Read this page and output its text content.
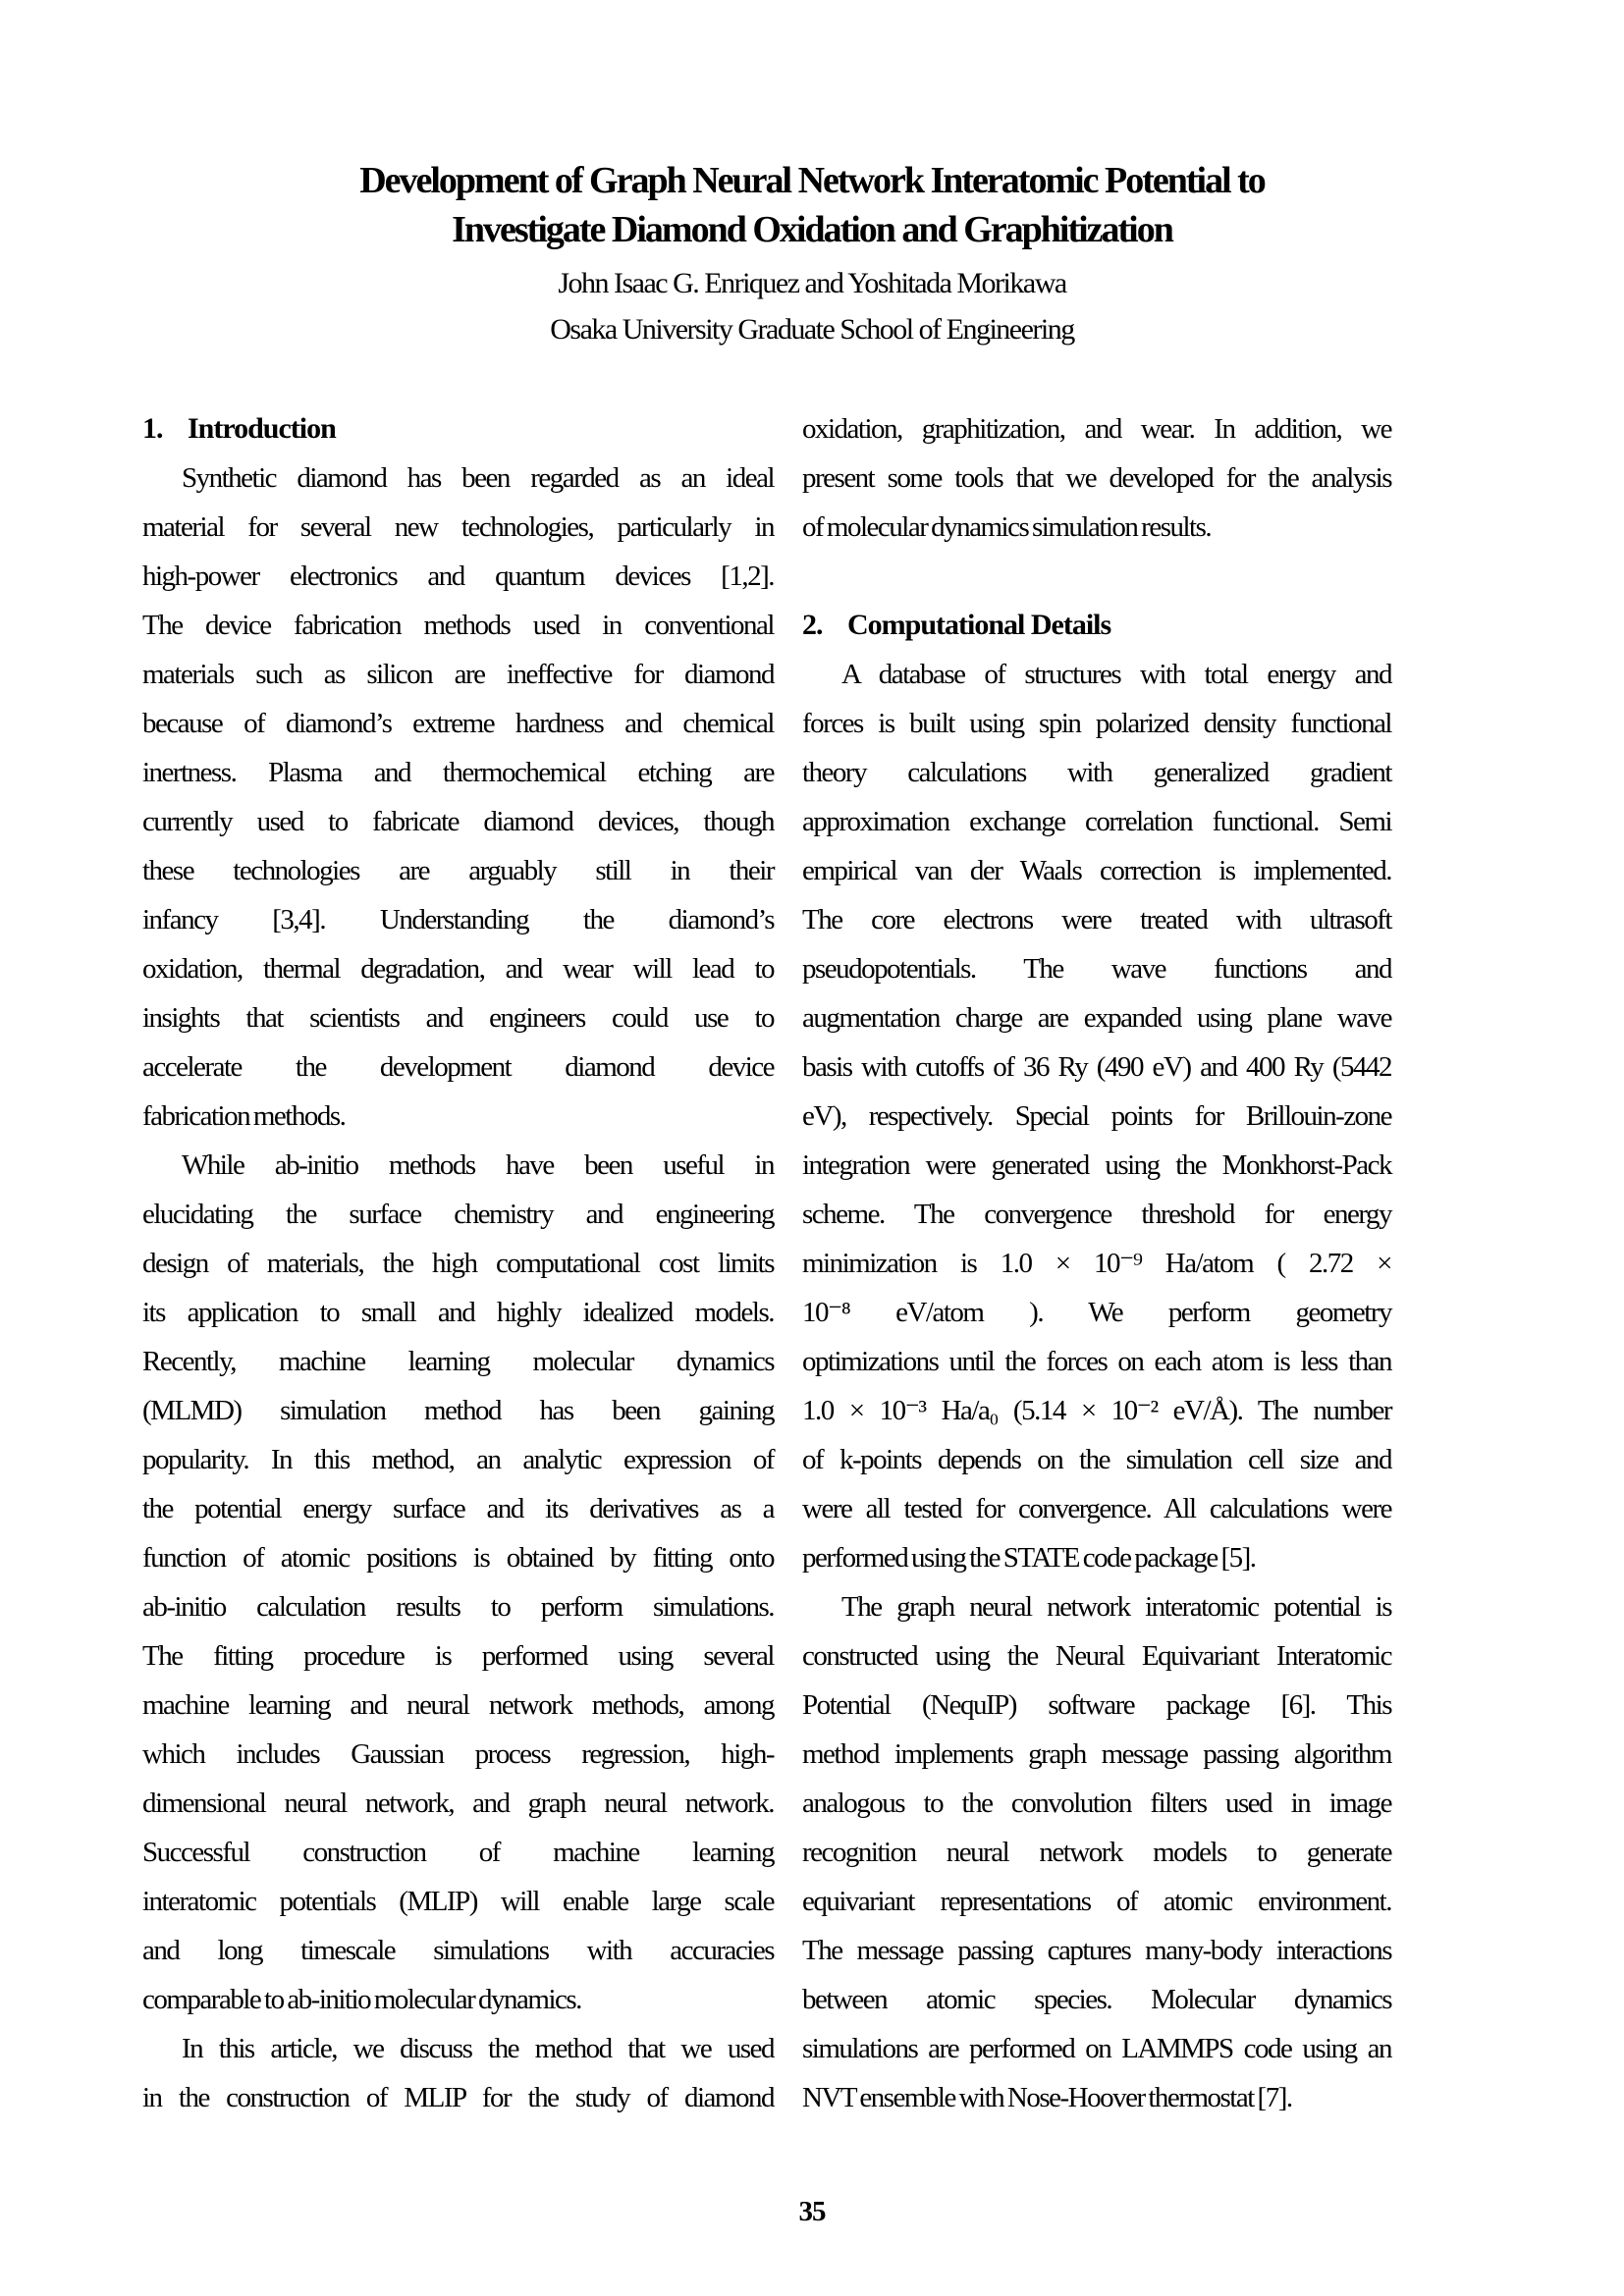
Development of Graph Neural Network Interatomic Potential to
Investigate Diamond Oxidation and Graphitization
John Isaac G. Enriquez and Yoshitada Morikawa
Osaka University Graduate School of Engineering
1. Introduction
Synthetic diamond has been regarded as an ideal
material for several new technologies, particularly in
high-power electronics and quantum devices [1,2].
The device fabrication methods used in conventional
materials such as silicon are ineffective for diamond
because of diamond’s extreme hardness and chemical
inertness. Plasma and thermochemical etching are
currently used to fabricate diamond devices, though
these technologies are arguably still in their
infancy [3,4]. Understanding the diamond’s
oxidation, thermal degradation, and wear will lead to
insights that scientists and engineers could use to
accelerate the development diamond device
fabrication methods.
While ab-initio methods have been useful in
elucidating the surface chemistry and engineering
design of materials, the high computational cost limits
its application to small and highly idealized models.
Recently, machine learning molecular dynamics
(MLMD) simulation method has been gaining
popularity. In this method, an analytic expression of
the potential energy surface and its derivatives as a
function of atomic positions is obtained by fitting onto
ab-initio calculation results to perform simulations.
The fitting procedure is performed using several
machine learning and neural network methods, among
which includes Gaussian process regression, high-
dimensional neural network, and graph neural network.
Successful construction of machine learning
interatomic potentials (MLIP) will enable large scale
and long timescale simulations with accuracies
comparable to ab-initio molecular dynamics.
In this article, we discuss the method that we used
in the construction of MLIP for the study of diamond
oxidation, graphitization, and wear. In addition, we
present some tools that we developed for the analysis
of molecular dynamics simulation results.
2. Computational Details
A database of structures with total energy and
forces is built using spin polarized density functional
theory calculations with generalized gradient
approximation exchange correlation functional. Semi
empirical van der Waals correction is implemented.
The core electrons were treated with ultrasoft
pseudopotentials. The wave functions and
augmentation charge are expanded using plane wave
basis with cutoffs of 36 Ry (490 eV) and 400 Ry (5442
eV), respectively. Special points for Brillouin-zone
integration were generated using the Monkhorst-Pack
scheme. The convergence threshold for energy
minimization is 1.0 × 10⁻⁹ Ha/atom ( 2.72 ×
10⁻⁸ eV/atom ). We perform geometry
optimizations until the forces on each atom is less than
1.0 × 10⁻³ Ha/a₀ (5.14 × 10⁻² eV/Å). The number
of k-points depends on the simulation cell size and
were all tested for convergence. All calculations were
performed using the STATE code package [5].
The graph neural network interatomic potential is
constructed using the Neural Equivariant Interatomic
Potential (NequIP) software package [6]. This
method implements graph message passing algorithm
analogous to the convolution filters used in image
recognition neural network models to generate
equivariant representations of atomic environment.
The message passing captures many-body interactions
between atomic species. Molecular dynamics
simulations are performed on LAMMPS code using an
NVT ensemble with Nose-Hoover thermostat [7].
35
